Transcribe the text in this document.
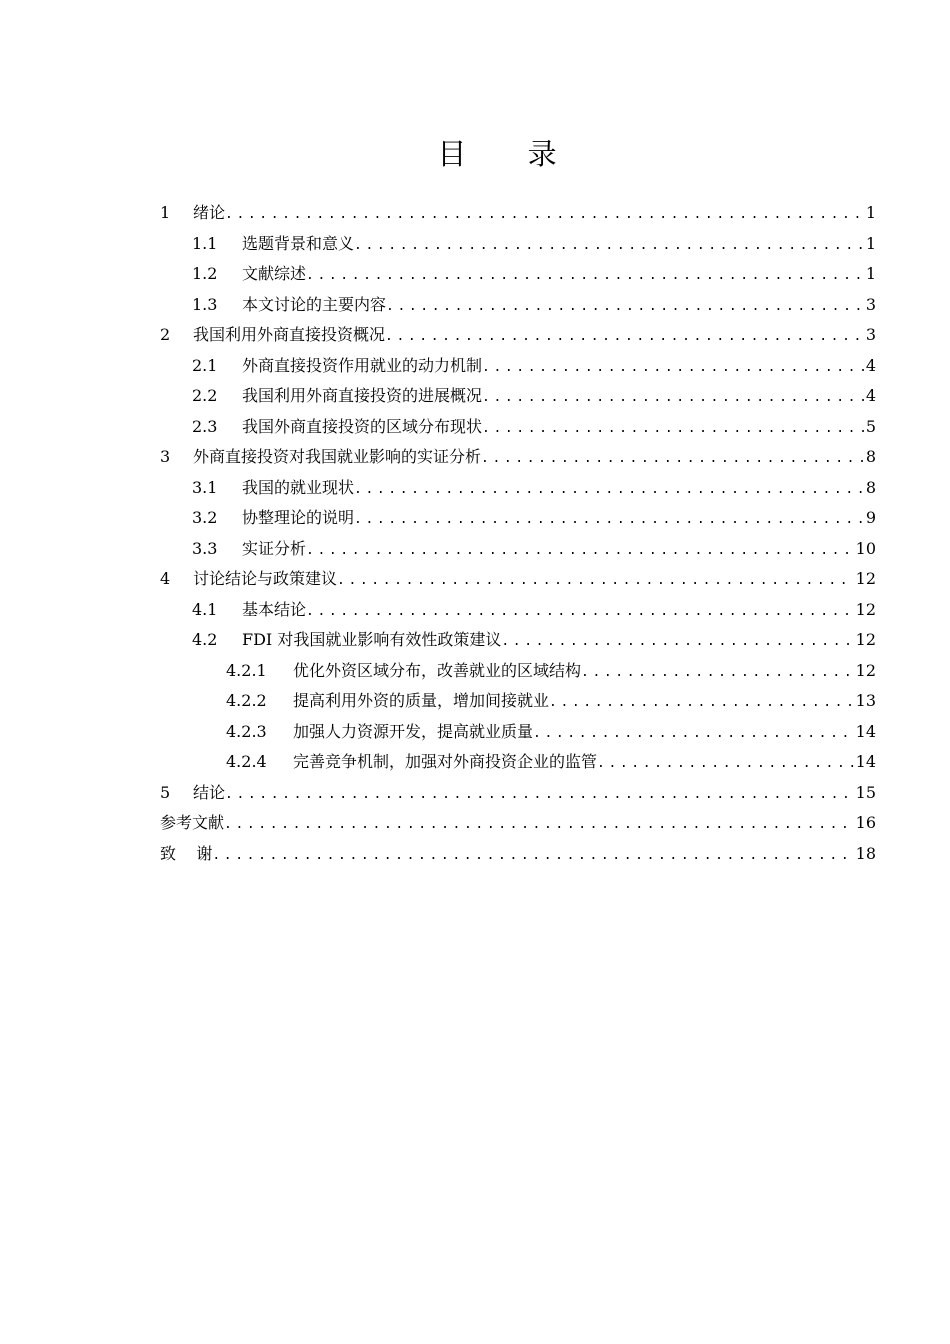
目 录
1	绪论 .....	1
1.1	选题背景和意义 .....	1
1.2	文献综述 .....	1
1.3	本文讨论的主要内容 .....	3
2	我国利用外商直接投资概况 .....	3
2.1	外商直接投资作用就业的动力机制 .....	4
2.2	我国利用外商直接投资的进展概况 .....	4
2.3	我国外商直接投资的区域分布现状 .....	5
3	外商直接投资对我国就业影响的实证分析 .....	8
3.1	我国的就业现状 .....	8
3.2	协整理论的说明 .....	9
3.3	实证分析 .....	10
4	讨论结论与政策建议 .....	12
4.1	基本结论 .....	12
4.2	FDI 对我国就业影响有效性政策建议 .....	12
4.2.1	优化外资区域分布，改善就业的区域结构 .....	12
4.2.2	提高利用外资的质量，增加间接就业 .....	13
4.2.3	加强人力资源开发，提高就业质量 .....	14
4.2.4	完善竞争机制，加强对外商投资企业的监管 .....	14
5	结论 .....	15
参考文献 .....	16
致    谢 .....	18
